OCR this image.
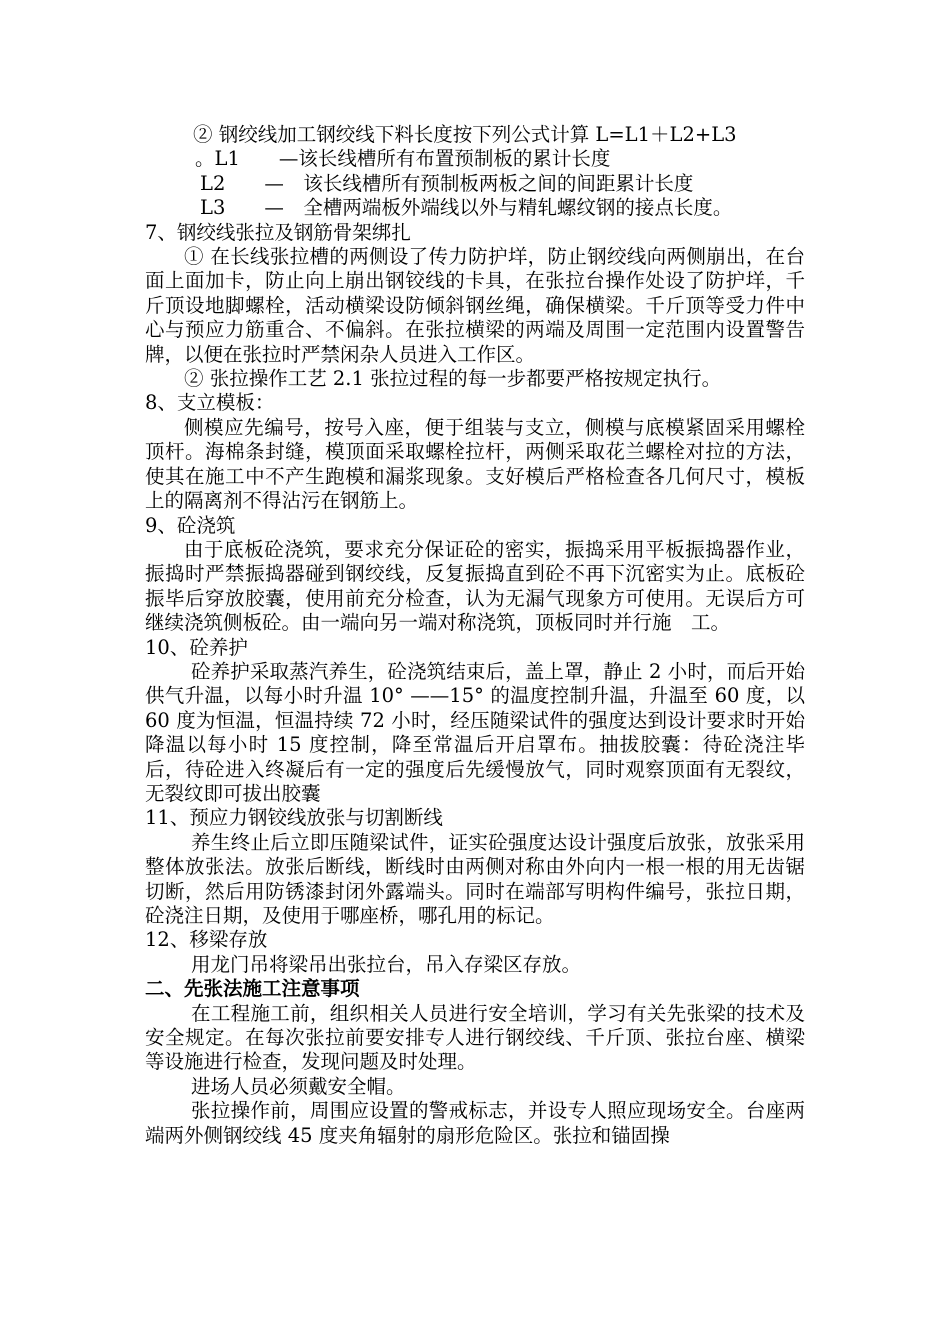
② 钢绞线加工钢绞线下料长度按下列公式计算 L=L1＋L2+L3

。L1　　—该长线槽所有布置预制板的累计长度

L2　　—　该长线槽所有预制板两板之间的间距累计长度

L3　　—　全槽两端板外端线以外与精轧螺纹钢的接点长度。

7、钢绞线张拉及钢筋骨架绑扎

① 在长线张拉槽的两侧设了传力防护垟，防止钢绞线向两侧崩出，在台面上面加卡，防止向上崩出钢铰线的卡具，在张拉台操作处设了防护垟，千斤顶设地脚螺栓，活动横梁设防倾斜钢丝绳，确保横梁。千斤顶等受力件中心与预应力筋重合、不偏斜。在张拉横梁的两端及周围一定范围内设置警告牌，以便在张拉时严禁闲杂人员进入工作区。

② 张拉操作工艺 2.1 张拉过程的每一步都要严格按规定执行。

8、支立模板：

侧模应先编号，按号入座，便于组装与支立，侧模与底模紧固采用螺栓顶杆。海棉条封缝，模顶面采取螺栓拉杆，两侧采取花兰螺栓对拉的方法，使其在施工中不产生跑模和漏浆现象。支好模后严格检查各几何尺寸，模板上的隔离剂不得沾污在钢筋上。

9、砼浇筑

由于底板砼浇筑，要求充分保证砼的密实，振捣采用平板振捣器作业，振捣时严禁振捣器碰到钢绞线，反复振捣直到砼不再下沉密实为止。底板砼振毕后穿放胶囊，使用前充分检查，认为无漏气现象方可使用。无误后方可继续浇筑侧板砼。由一端向另一端对称浇筑，顶板同时并行施　工。

10、砼养护

砼养护采取蒸汽养生，砼浇筑结束后，盖上罩，静止 2 小时，而后开始供气升温，以每小时升温 10° ——15° 的温度控制升温，升温至 60 度，以 60 度为恒温，恒温持续 72 小时，经压随梁试件的强度达到设计要求时开始降温以每小时 15 度控制，降至常温后开启罩布。抽拔胶囊：待砼浇注毕后，待砼进入终凝后有一定的强度后先缓慢放气，同时观察顶面有无裂纹，无裂纹即可拔出胶囊

11、预应力钢铰线放张与切割断线

养生终止后立即压随梁试件，证实砼强度达设计强度后放张，放张采用整体放张法。放张后断线，断线时由两侧对称由外向内一根一根的用无齿锯切断，然后用防锈漆封闭外露端头。同时在端部写明构件编号，张拉日期，砼浇注日期，及使用于哪座桥，哪孔用的标记。

12、移梁存放

用龙门吊将梁吊出张拉台，吊入存梁区存放。

二、先张法施工注意事项

在工程施工前，组织相关人员进行安全培训，学习有关先张梁的技术及安全规定。在每次张拉前要安排专人进行钢绞线、千斤顶、张拉台座、横梁等设施进行检查，发现问题及时处理。

进场人员必须戴安全帽。

张拉操作前，周围应设置的警戒标志，并设专人照应现场安全。台座两端两外侧钢绞线 45 度夹角辐射的扇形危险区。张拉和锚固操
